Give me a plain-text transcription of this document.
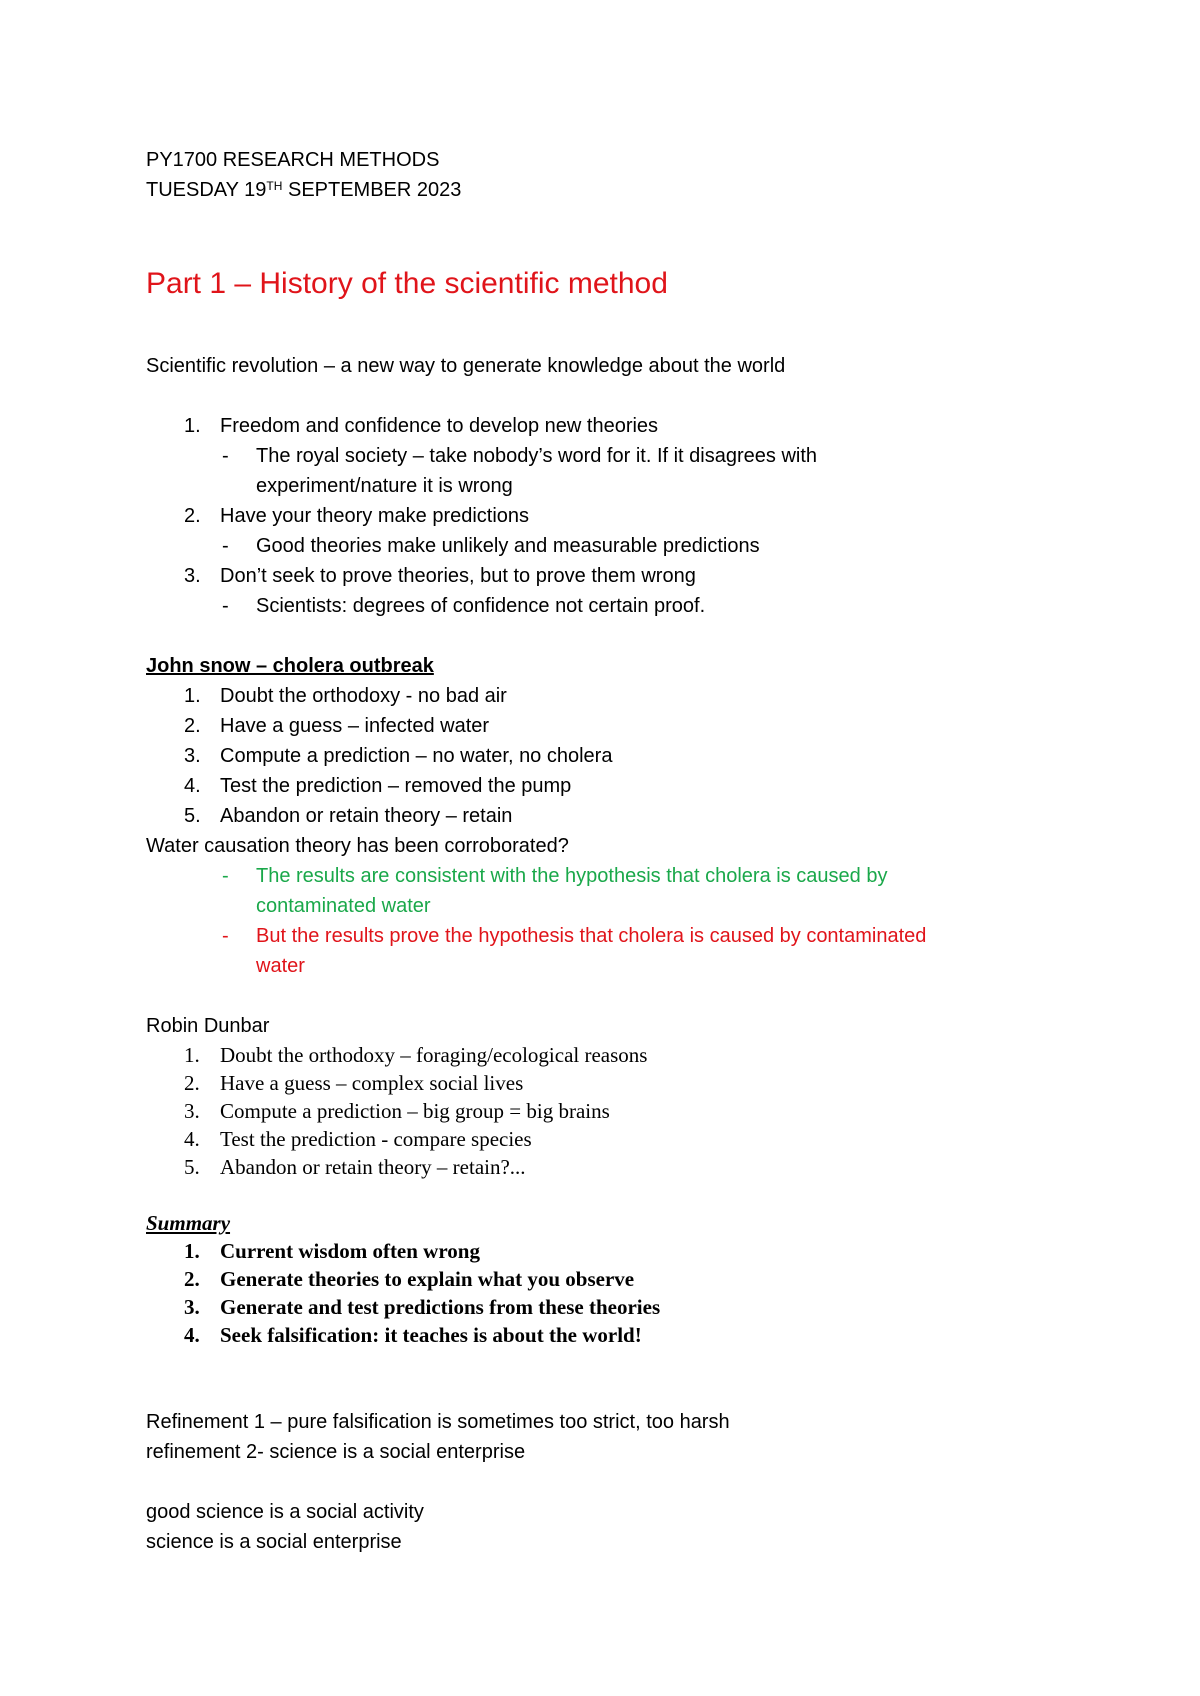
PY1700 RESEARCH METHODS
TUESDAY 19TH SEPTEMBER 2023
Part 1 – History of the scientific method
Scientific revolution – a new way to generate knowledge about the world
1. Freedom and confidence to develop new theories
- The royal society – take nobody’s word for it. If it disagrees with
experiment/nature it is wrong
2. Have your theory make predictions
- Good theories make unlikely and measurable predictions
3. Don’t seek to prove theories, but to prove them wrong
- Scientists: degrees of confidence not certain proof.
John snow – cholera outbreak
1. Doubt the orthodoxy - no bad air
2. Have a guess – infected water
3. Compute a prediction – no water, no cholera
4. Test the prediction – removed the pump
5. Abandon or retain theory – retain
Water causation theory has been corroborated?
- The results are consistent with the hypothesis that cholera is caused by
contaminated water
- But the results prove the hypothesis that cholera is caused by contaminated
water
Robin Dunbar
1. Doubt the orthodoxy – foraging/ecological reasons
2. Have a guess – complex social lives
3. Compute a prediction – big group = big brains
4. Test the prediction - compare species
5. Abandon or retain theory – retain?...
Summary
1. Current wisdom often wrong
2. Generate theories to explain what you observe
3. Generate and test predictions from these theories
4. Seek falsification: it teaches is about the world!
Refinement 1 – pure falsification is sometimes too strict, too harsh
refinement 2- science is a social enterprise
good science is a social activity
science is a social enterprise
